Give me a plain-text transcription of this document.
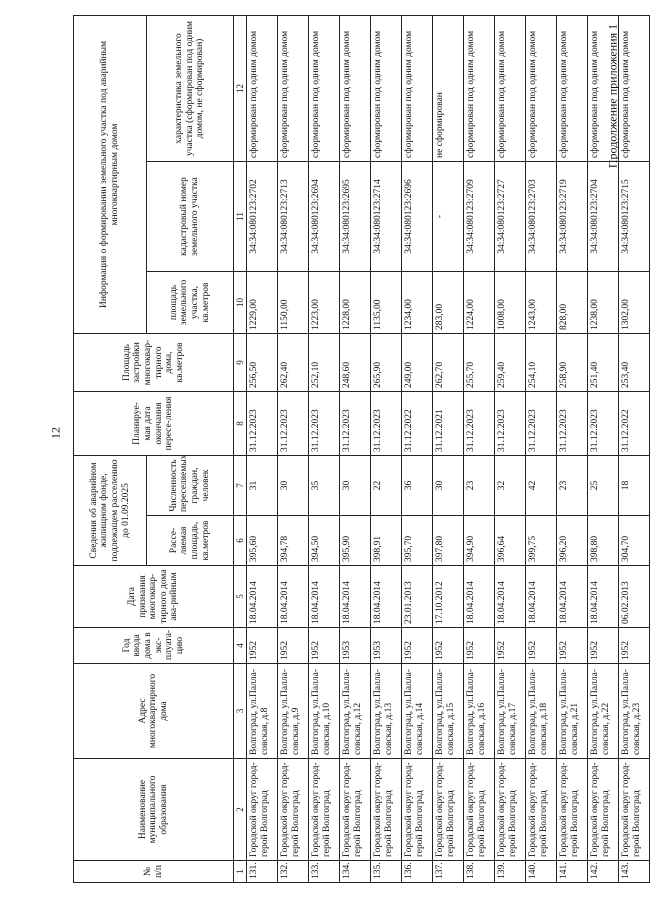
12
Продолжение приложения 1
№ п/п	Наименование муниципального образования	Адрес многоквартирного дома	Год ввода дома в экс-плуата-цию	Дата признания многоквар-тирного дома ава-рийным	Сведения об аварийном жилищном фонде, подлежащем расселению до 01.09.2025		Планируе-мая дата окончания пересе-ления	Площадь застройки многоквар-тирного дома, кв.метров	Информация о формировании земельного участка под аварийным многоквартирным домом		
					Рассе-ляемая площадь, кв.метров	Численность переселяемых граждан, человек			площадь земельного участка, кв.метров	кадастровый номер земельного участка	характеристика земельного участка (сформирован под одним домом, не сформирован)
1	2	3	4	5	6	7	8	9	10	11	12
131.	Городской округ город-герой Волгоград	Волгоград, ул.Палла-совская, д.8	1952	18.04.2014	395,60	31	31.12.2023	256,50	1229,00	34:34:080123:2702	сформирован под одним домом
132.	Городской округ город-герой Волгоград	Волгоград, ул.Палла-совская, д.9	1952	18.04.2014	394,78	30	31.12.2023	262,40	1150,00	34:34:080123:2713	сформирован под одним домом
133.	Городской округ город-герой Волгоград	Волгоград, ул.Палла-совская, д.10	1952	18.04.2014	394,50	35	31.12.2023	252,10	1223,00	34:34:080123:2694	сформирован под одним домом
134.	Городской округ город-герой Волгоград	Волгоград, ул.Палла-совская, д.12	1953	18.04.2014	395,90	30	31.12.2023	248,60	1228,00	34:34:080123:2695	сформирован под одним домом
135.	Городской округ город-герой Волгоград	Волгоград, ул.Палла-совская, д.13	1953	18.04.2014	398,91	22	31.12.2023	265,90	1135,00	34:34:080123:2714	сформирован под одним домом
136.	Городской округ город-герой Волгоград	Волгоград, ул.Палла-совская, д.14	1952	23.01.2013	395,70	36	31.12.2022	249,00	1234,00	34:34:080123:2696	сформирован под одним домом
137.	Городской округ город-герой Волгоград	Волгоград, ул.Палла-совская, д.15	1952	17.10.2012	397,80	30	31.12.2021	262,70	283,00	-	не сформирован
138.	Городской округ город-герой Волгоград	Волгоград, ул.Палла-совская, д.16	1952	18.04.2014	394,90	23	31.12.2023	255,70	1224,00	34:34:080123:2709	сформирован под одним домом
139.	Городской округ город-герой Волгоград	Волгоград, ул.Палла-совская, д.17	1952	18.04.2014	396,64	32	31.12.2023	259,40	1008,00	34:34:080123:2727	сформирован под одним домом
140.	Городской округ город-герой Волгоград	Волгоград, ул.Палла-совская, д.18	1952	18.04.2014	399,75	42	31.12.2023	254,10	1243,00	34:34:080123:2703	сформирован под одним домом
141.	Городской округ город-герой Волгоград	Волгоград, ул.Палла-совская, д.21	1952	18.04.2014	396,20	23	31.12.2023	258,90	828,00	34:34:080123:2719	сформирован под одним домом
142.	Городской округ город-герой Волгоград	Волгоград, ул.Палла-совская, д.22	1952	18.04.2014	398,80	25	31.12.2023	251,40	1238,00	34:34:080123:2704	сформирован под одним домом
143.	Городской округ город-герой Волгоград	Волгоград, ул.Палла-совская, д.23	1952	06.02.2013	304,70	18	31.12.2022	253,40	1302,00	34:34:080123:2715	сформирован под одним домом
